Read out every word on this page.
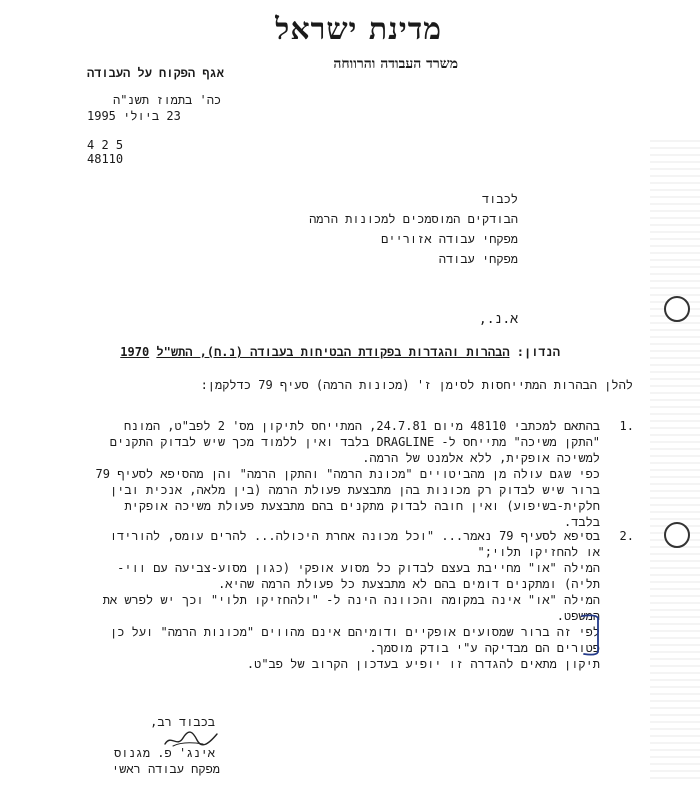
מדינת ישראל
משרד העבודה והרווחה
אגף הפקוח על העבודה
כה' בתמוז תשנ"ה
23 ביולי 1995
4 2 5
48110
לכבוד
הבודקים המוסמכים למכונות הרמה
מפקחי עבודה אזוריים
מפקחי עבודה
א.נ.,
הנדון: הבהרות והגדרות בפקודת הבטיחות בעבודה (נ.ח), התש"ל 1970
להלן הבהרות המתייחסות לסימן ז' (מכונות הרמה) סעיף 79 כדלקמן:
.1
בהתאם למכתבי 48110 מיום 24.7.81, המתייחס לתיקון מס' 2 לפב"ט, המונח
"התקן משיכה" מתייחס ל- DRAGLINE בלבד ואין ללמוד מכך שיש לבדוק התקנים
למשיכה אופקית, ללא אלמנט של הרמה.
כפי שגם עולה מן מהביטויים "מכונת הרמה" והתקן הרמה" והן מהסיפא לסעיף 79
ברור שיש לבדוק רק מכונות בהן מתבצעת פעולת הרמה (בין מלאה, אנכית ובין
חלקית-בשיפוע) ואין חובה לבדוק מתקנים בהם מתבצעת פעולת משיכה אופקית
בלבד.
.2
בסיפא לסעיף 79 נאמר... "וכל מכונה אחרת היכולה... להרים עומס, להורידו
או להחזיקו תלוי;"
המילה "או" מחייבת בעצם לבדוק כל מסוע אופקי (כגון מסוע-צביעה עם ווי-
תליה) ומתקנים דומים בהם לא מתבצעת כל פעולת הרמה שהיא.
המילה "או" אינה במקומה והכוונה הינה ל- "ולהחזיקו תלוי" וכך יש לפרש את
המשפט.
לפי זה ברור שמסועים אופקיים ודומיהם אינם מהווים "מכונות הרמה" ועל כן
פטורים הם מבדיקה ע"י בודק מוסמך.
תיקון מתאים להגדרה זו יופיע בעדכון הקרוב של פב"ט.
בכבוד רב,
אינג' פ. מגנוס
מפקח עבודה ראשי
